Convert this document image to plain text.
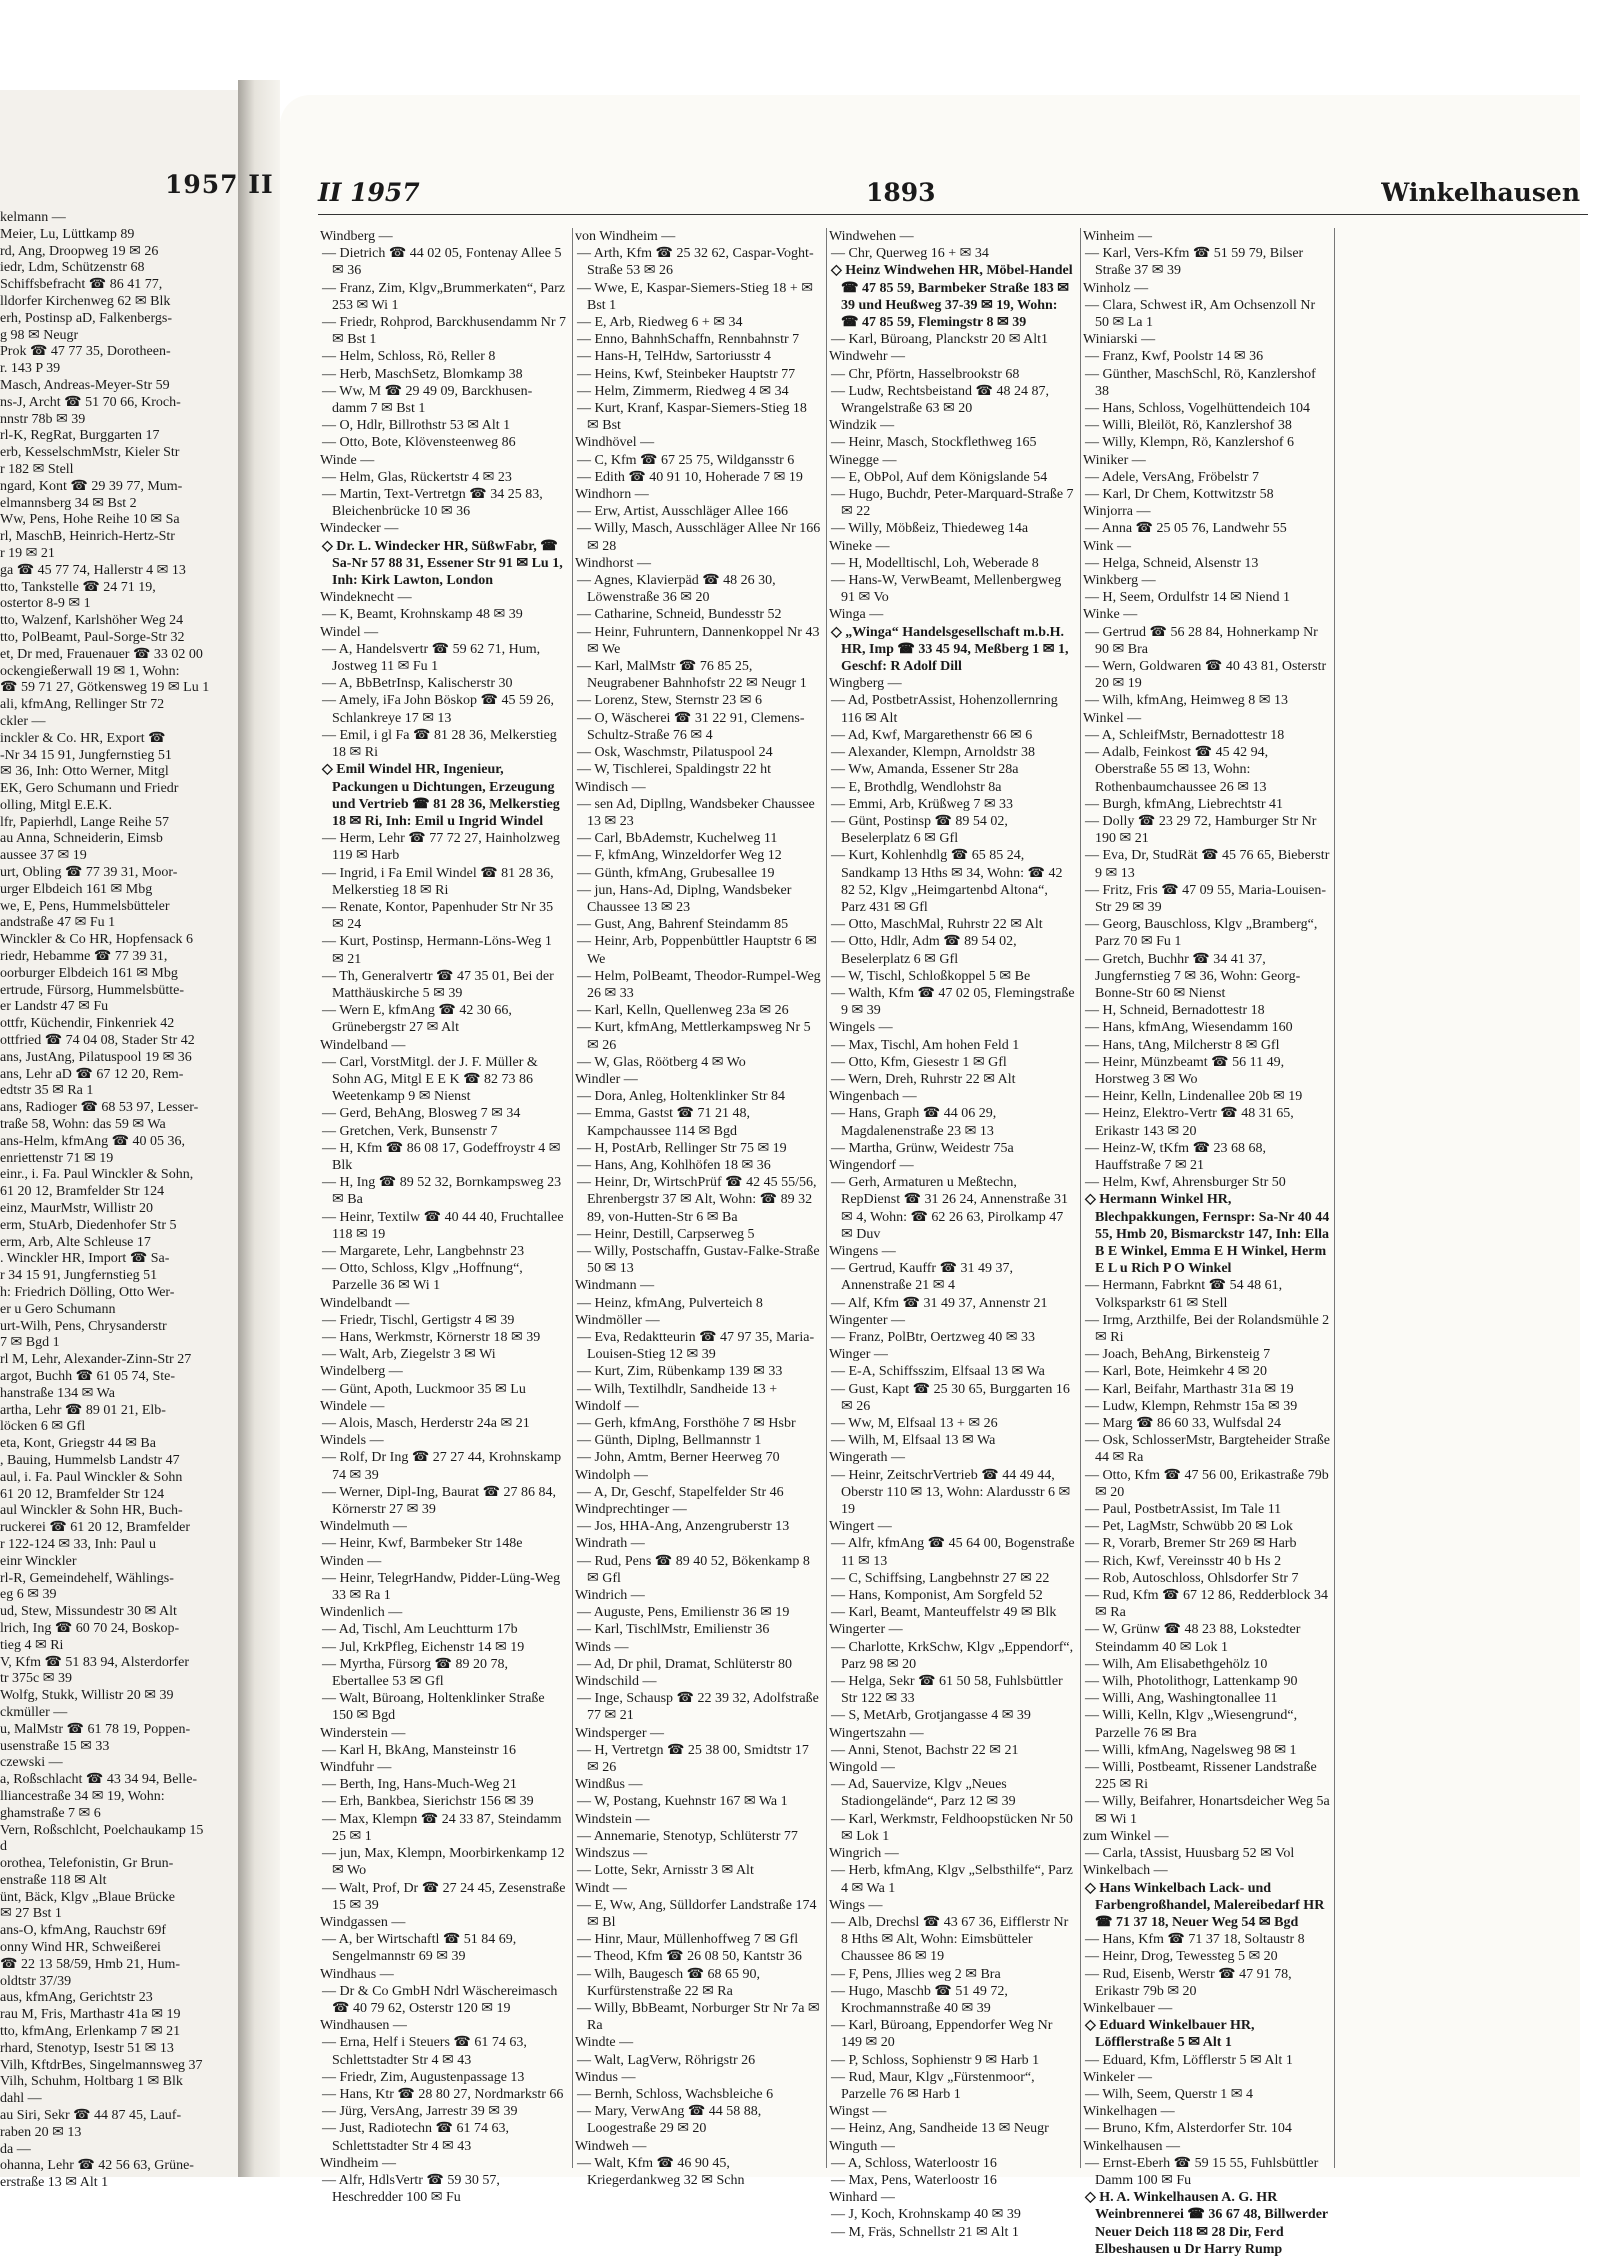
1957 II
kelmann —
Meier, Lu, Lüttkamp 89
rd, Ang, Droopweg 19 ✉ 26
iedr, Ldm, Schützenstr 68
Schiffsbefracht ☎ 86 41 77,
lldorfer Kirchenweg 62 ✉ Blk
erh, Postinsp aD, Falkenbergs-
g 98 ✉ Neugr
Prok ☎ 47 77 35, Dorotheen-
r. 143 P 39
Masch, Andreas-Meyer-Str 59
ns-J, Archt ☎ 51 70 66, Kroch-
nnstr 78b ✉ 39
rl-K, RegRat, Burggarten 17
erb, KesselschmMstr, Kieler Str
r 182 ✉ Stell
ngard, Kont ☎ 29 39 77, Mum-
elmannsberg 34 ✉ Bst 2
Ww, Pens, Hohe Reihe 10 ✉ Sa
rl, MaschB, Heinrich-Hertz-Str
r 19 ✉ 21
ga ☎ 45 77 74, Hallerstr 4 ✉ 13
tto, Tankstelle ☎ 24 71 19,
ostertor 8-9 ✉ 1
tto, Walzenf, Karlshöher Weg 24
tto, PolBeamt, Paul-Sorge-Str 32
et, Dr med, Frauenauer ☎ 33 02 00
ockengießerwall 19 ✉ 1, Wohn:
☎ 59 71 27, Götkensweg 19 ✉ Lu 1
ali, kfmAng, Rellinger Str 72
ckler —
inckler & Co. HR, Export ☎
-Nr 34 15 91, Jungfernstieg 51
✉ 36, Inh: Otto Werner, Mitgl
EK, Gero Schumann und Friedr
olling, Mitgl E.E.K.
lfr, Papierhdl, Lange Reihe 57
au Anna, Schneiderin, Eimsb
aussee 37 ✉ 19
urt, Obling ☎ 77 39 31, Moor-
urger Elbdeich 161 ✉ Mbg
we, E, Pens, Hummelsbütteler
andstraße 47 ✉ Fu 1
Winckler & Co HR, Hopfensack 6
riedr, Hebamme ☎ 77 39 31,
oorburger Elbdeich 161 ✉ Mbg
ertrude, Fürsorg, Hummelsbütte-
er Landstr 47 ✉ Fu
ottfr, Küchendir, Finkenriek 42
ottfried ☎ 74 04 08, Stader Str 42
ans, JustAng, Pilatuspool 19 ✉ 36
ans, Lehr aD ☎ 67 12 20, Rem-
edtstr 35 ✉ Ra 1
ans, Radioger ☎ 68 53 97, Lesser-
traße 58, Wohn: das 59 ✉ Wa
ans-Helm, kfmAng ☎ 40 05 36,
enriettenstr 71 ✉ 19
einr., i. Fa. Paul Winckler & Sohn,
61 20 12, Bramfelder Str 124
einz, MaurMstr, Willistr 20
erm, StuArb, Diedenhofer Str 5
erm, Arb, Alte Schleuse 17
. Winckler HR, Import ☎ Sa-
r 34 15 91, Jungfernstieg 51
h: Friedrich Dölling, Otto Wer-
er u Gero Schumann
urt-Wilh, Pens, Chrysanderstr
7 ✉ Bgd 1
rl M, Lehr, Alexander-Zinn-Str 27
argot, Buchh ☎ 61 05 74, Ste-
hanstraße 134 ✉ Wa
artha, Lehr ☎ 89 01 21, Elb-
löcken 6 ✉ Gfl
eta, Kont, Griegstr 44 ✉ Ba
, Bauing, Hummelsb Landstr 47
aul, i. Fa. Paul Winckler & Sohn
61 20 12, Bramfelder Str 124
aul Winckler & Sohn HR, Buch-
ruckerei ☎ 61 20 12, Bramfelder
r 122-124 ✉ 33, Inh: Paul u
einr Winckler
rl-R, Gemeindehelf, Wählings-
eg 6 ✉ 39
ud, Stew, Missundestr 30 ✉ Alt
lrich, Ing ☎ 60 70 24, Boskop-
tieg 4 ✉ Ri
V, Kfm ☎ 51 83 94, Alsterdorfer
tr 375c ✉ 39
Wolfg, Stukk, Willistr 20 ✉ 39
ckmüller —
u, MalMstr ☎ 61 78 19, Poppen-
usenstraße 15 ✉ 33
czewski —
a, Roßschlacht ☎ 43 34 94, Belle-
lliancestraße 34 ✉ 19, Wohn:
ghamstraße 7 ✉ 6
Vern, Roßschlcht, Poelchaukamp 15
d
orothea, Telefonistin, Gr Brun-
enstraße 118 ✉ Alt
ünt, Bäck, Klgv „Blaue Brücke
✉ 27 Bst 1
ans-O, kfmAng, Rauchstr 69f
onny Wind HR, Schweißerei
☎ 22 13 58/59, Hmb 21, Hum-
oldtstr 37/39
aus, kfmAng, Gerichtstr 23
rau M, Fris, Marthastr 41a ✉ 19
tto, kfmAng, Erlenkamp 7 ✉ 21
rhard, Stenotyp, Isestr 51 ✉ 13
Vilh, KftdrBes, Singelmannsweg 37
Vilh, Schuhm, Holtbarg 1 ✉ Blk
dahl —
au Siri, Sekr ☎ 44 87 45, Lauf-
raben 20 ✉ 13
da —
ohanna, Lehr ☎ 42 56 63, Grüne-
erstraße 13 ✉ Alt 1
II 1957	1893	Winkelhausen
Windberg —
— Dietrich ☎ 44 02 05, Fontenay Allee 5 ✉ 36
— Franz, Zim, Klgv„Brummerkaten“, Parz 253 ✉ Wi 1
— Friedr, Rohprod, Barckhusendamm Nr 7 ✉ Bst 1
— Helm, Schloss, Rö, Reller 8
— Herb, MaschSetz, Blomkamp 38
— Ww, M ☎ 29 49 09, Barckhusen-damm 7 ✉ Bst 1
— O, Hdlr, Billrothstr 53 ✉ Alt 1
— Otto, Bote, Klövensteenweg 86
Winde —
— Helm, Glas, Rückertstr 4 ✉ 23
— Martin, Text-Vertretgn ☎ 34 25 83, Bleichenbrücke 10 ✉ 36
Windecker —
◇ Dr. L. Windecker HR, SüßwFabr, ☎ Sa-Nr 57 88 31, Essener Str 91 ✉ Lu 1, Inh: Kirk Lawton, London
Windeknecht —
— K, Beamt, Krohnskamp 48 ✉ 39
Windel —
— A, Handelsvertr ☎ 59 62 71, Hum, Jostweg 11 ✉ Fu 1
— A, BbBetrInsp, Kalischerstr 30
— Amely, iFa John Böskop ☎ 45 59 26, Schlankreye 17 ✉ 13
— Emil, i gl Fa ☎ 81 28 36, Melkerstieg 18 ✉ Ri
◇ Emil Windel HR, Ingenieur, Packungen u Dichtungen, Erzeugung und Vertrieb ☎ 81 28 36, Melkerstieg 18 ✉ Ri, Inh: Emil u Ingrid Windel
— Herm, Lehr ☎ 77 72 27, Hainholzweg 119 ✉ Harb
— Ingrid, i Fa Emil Windel ☎ 81 28 36, Melkerstieg 18 ✉ Ri
— Renate, Kontor, Papenhuder Str Nr 35 ✉ 24
— Kurt, Postinsp, Hermann-Löns-Weg 1 ✉ 21
— Th, Generalvertr ☎ 47 35 01, Bei der Matthäuskirche 5 ✉ 39
— Wern E, kfmAng ☎ 42 30 66, Grünebergstr 27 ✉ Alt
Windelband —
— Carl, VorstMitgl. der J. F. Müller & Sohn AG, Mitgl E E K ☎ 82 73 86 Weetenkamp 9 ✉ Nienst
— Gerd, BehAng, Blosweg 7 ✉ 34
— Gretchen, Verk, Bunsenstr 7
— H, Kfm ☎ 86 08 17, Godeffroystr 4 ✉ Blk
— H, Ing ☎ 89 52 32, Bornkampsweg 23 ✉ Ba
— Heinr, Textilw ☎ 40 44 40, Fruchtallee 118 ✉ 19
— Margarete, Lehr, Langbehnstr 23
— Otto, Schloss, Klgv „Hoffnung“, Parzelle 36 ✉ Wi 1
Windelbandt —
— Friedr, Tischl, Gertigstr 4 ✉ 39
— Hans, Werkmstr, Körnerstr 18 ✉ 39
— Walt, Arb, Ziegelstr 3 ✉ Wi
Windelberg —
— Günt, Apoth, Luckmoor 35 ✉ Lu
Windele —
— Alois, Masch, Herderstr 24a ✉ 21
Windels —
— Rolf, Dr Ing ☎ 27 27 44, Krohnskamp 74 ✉ 39
— Werner, Dipl-Ing, Baurat ☎ 27 86 84, Körnerstr 27 ✉ 39
Windelmuth —
— Heinr, Kwf, Barmbeker Str 148e
Winden —
— Heinr, TelegrHandw, Pidder-Lüng-Weg 33 ✉ Ra 1
Windenlich —
— Ad, Tischl, Am Leuchtturm 17b
— Jul, KrkPfleg, Eichenstr 14 ✉ 19
— Myrtha, Fürsorg ☎ 89 20 78, Ebertallee 53 ✉ Gfl
— Walt, Büroang, Holtenklinker Straße 150 ✉ Bgd
Winderstein —
— Karl H, BkAng, Mansteinstr 16
Windfuhr —
— Berth, Ing, Hans-Much-Weg 21
— Erh, Bankbea, Sierichstr 156 ✉ 39
— Max, Klempn ☎ 24 33 87, Steindamm 25 ✉ 1
— jun, Max, Klempn, Moorbirkenkamp 12 ✉ Wo
— Walt, Prof, Dr ☎ 27 24 45, Zesenstraße 15 ✉ 39
Windgassen —
— A, ber Wirtschaftl ☎ 51 84 69, Sengelmannstr 69 ✉ 39
Windhaus —
— Dr & Co GmbH Ndrl Wäschereimasch ☎ 40 79 62, Osterstr 120 ✉ 19
Windhausen —
— Erna, Helf i Steuers ☎ 61 74 63, Schlettstadter Str 4 ✉ 43
— Friedr, Zim, Augustenpassage 13
— Hans, Ktr ☎ 28 80 27, Nordmarkstr 66
— Jürg, VersAng, Jarrestr 39 ✉ 39
— Just, Radiotechn ☎ 61 74 63, Schlettstadter Str 4 ✉ 43
Windheim —
— Alfr, HdlsVertr ☎ 59 30 57, Heschredder 100 ✉ Fu
von Windheim —
— Arth, Kfm ☎ 25 32 62, Caspar-Voght-Straße 53 ✉ 26
— Wwe, E, Kaspar-Siemers-Stieg 18 + ✉ Bst 1
— E, Arb, Riedweg 6 + ✉ 34
— Enno, BahnhSchaffn, Rennbahnstr 7
— Hans-H, TelHdw, Sartoriusstr 4
— Heins, Kwf, Steinbeker Hauptstr 77
— Helm, Zimmerm, Riedweg 4 ✉ 34
— Kurt, Kranf, Kaspar-Siemers-Stieg 18 ✉ Bst
Windhövel —
— C, Kfm ☎ 67 25 75, Wildgansstr 6
— Edith ☎ 40 91 10, Hoherade 7 ✉ 19
Windhorn —
— Erw, Artist, Ausschläger Allee 166
— Willy, Masch, Ausschläger Allee Nr 166 ✉ 28
Windhorst —
— Agnes, Klavierpäd ☎ 48 26 30, Löwenstraße 36 ✉ 20
— Catharine, Schneid, Bundesstr 52
— Heinr, Fuhruntern, Dannenkoppel Nr 43 ✉ We
— Karl, MalMstr ☎ 76 85 25, Neugrabener Bahnhofstr 22 ✉ Neugr 1
— Lorenz, Stew, Sternstr 23 ✉ 6
— O, Wäscherei ☎ 31 22 91, Clemens-Schultz-Straße 76 ✉ 4
— Osk, Waschmstr, Pilatuspool 24
— W, Tischlerei, Spaldingstr 22 ht
Windisch —
— sen Ad, Dipllng, Wandsbeker Chaussee 13 ✉ 23
— Carl, BbAdemstr, Kuchelweg 11
— F, kfmAng, Winzeldorfer Weg 12
— Günth, kfmAng, Grubesallee 19
— jun, Hans-Ad, Diplng, Wandsbeker Chaussee 13 ✉ 23
— Gust, Ang, Bahrenf Steindamm 85
— Heinr, Arb, Poppenbüttler Hauptstr 6 ✉ We
— Helm, PolBeamt, Theodor-Rumpel-Weg 26 ✉ 33
— Karl, Kelln, Quellenweg 23a ✉ 26
— Kurt, kfmAng, Mettlerkampsweg Nr 5 ✉ 26
— W, Glas, Röötberg 4 ✉ Wo
Windler —
— Dora, Anleg, Holtenklinker Str 84
— Emma, Gastst ☎ 71 21 48, Kampchaussee 114 ✉ Bgd
— H, PostArb, Rellinger Str 75 ✉ 19
— Hans, Ang, Kohlhöfen 18 ✉ 36
— Heinr, Dr, WirtschPrüf ☎ 42 45 55/56, Ehrenbergstr 37 ✉ Alt, Wohn: ☎ 89 32 89, von-Hutten-Str 6 ✉ Ba
— Heinr, Destill, Carpserweg 5
— Willy, Postschaffn, Gustav-Falke-Straße 50 ✉ 13
Windmann —
— Heinz, kfmAng, Pulverteich 8
Windmöller —
— Eva, Redaktteurin ☎ 47 97 35, Maria-Louisen-Stieg 12 ✉ 39
— Kurt, Zim, Rübenkamp 139 ✉ 33
— Wilh, Textilhdlr, Sandheide 13 +
Windolf —
— Gerh, kfmAng, Forsthöhe 7 ✉ Hsbr
— Günth, Diplng, Bellmannstr 1
— John, Amtm, Berner Heerweg 70
Windolph —
— A, Dr, Geschf, Stapelfelder Str 46
Windprechtinger —
— Jos, HHA-Ang, Anzengruberstr 13
Windrath —
— Rud, Pens ☎ 89 40 52, Bökenkamp 8 ✉ Gfl
Windrich —
— Auguste, Pens, Emilienstr 36 ✉ 19
— Karl, TischlMstr, Emilienstr 36
Winds —
— Ad, Dr phil, Dramat, Schlüterstr 80
Windschild —
— Inge, Schausp ☎ 22 39 32, Adolfstraße 77 ✉ 21
Windsperger —
— H, Vertretgn ☎ 25 38 00, Smidtstr 17 ✉ 26
Windßus —
— W, Postang, Kuehnstr 167 ✉ Wa 1
Windstein —
— Annemarie, Stenotyp, Schlüterstr 77
Windszus —
— Lotte, Sekr, Arnisstr 3 ✉ Alt
Windt —
— E, Ww, Ang, Sülldorfer Landstraße 174 ✉ Bl
— Hinr, Maur, Müllenhoffweg 7 ✉ Gfl
— Theod, Kfm ☎ 26 08 50, Kantstr 36
— Wilh, Baugesch ☎ 68 65 90, Kurfürstenstraße 22 ✉ Ra
— Willy, BbBeamt, Norburger Str Nr 7a ✉ Ra
Windte —
— Walt, LagVerw, Röhrigstr 26
Windus —
— Bernh, Schloss, Wachsbleiche 6
— Mary, VerwAng ☎ 44 58 88, Loogestraße 29 ✉ 20
Windweh —
— Walt, Kfm ☎ 46 90 45, Kriegerdankweg 32 ✉ Schn
Windwehen —
— Chr, Querweg 16 + ✉ 34
◇ Heinz Windwehen HR, Möbel-Handel ☎ 47 85 59, Barmbeker Straße 183 ✉ 39 und Heußweg 37-39 ✉ 19, Wohn: ☎ 47 85 59, Flemingstr 8 ✉ 39
— Karl, Büroang, Planckstr 20 ✉ Alt1
Windwehr —
— Chr, Pförtn, Hasselbrookstr 68
— Ludw, Rechtsbeistand ☎ 48 24 87, Wrangelstraße 63 ✉ 20
Windzik —
— Heinr, Masch, Stockflethweg 165
Winegge —
— E, ObPol, Auf dem Königslande 54
— Hugo, Buchdr, Peter-Marquard-Straße 7 ✉ 22
— Willy, Möbßeiz, Thiedeweg 14a
Wineke —
— H, Modelltischl, Loh, Weberade 8
— Hans-W, VerwBeamt, Mellenbergweg 91 ✉ Vo
Winga —
◇ „Winga“ Handelsgesellschaft m.b.H. HR, Imp ☎ 33 45 94, Meßberg 1 ✉ 1, Geschf: R Adolf Dill
Wingberg —
— Ad, PostbetrAssist, Hohenzollernring 116 ✉ Alt
— Ad, Kwf, Margarethenstr 66 ✉ 6
— Alexander, Klempn, Arnoldstr 38
— Ww, Amanda, Essener Str 28a
— E, Brothdlg, Wendlohstr 8a
— Emmi, Arb, Krüßweg 7 ✉ 33
— Günt, Postinsp ☎ 89 54 02, Beselerplatz 6 ✉ Gfl
— Kurt, Kohlenhdlg ☎ 65 85 24, Sandkamp 13 Hths ✉ 34, Wohn: ☎ 42 82 52, Klgv „Heimgartenbd Altona“, Parz 431 ✉ Gfl
— Otto, MaschMal, Ruhrstr 22 ✉ Alt
— Otto, Hdlr, Adm ☎ 89 54 02, Beselerplatz 6 ✉ Gfl
— W, Tischl, Schloßkoppel 5 ✉ Be
— Walth, Kfm ☎ 47 02 05, Flemingstraße 9 ✉ 39
Wingels —
— Max, Tischl, Am hohen Feld 1
— Otto, Kfm, Giesestr 1 ✉ Gfl
— Wern, Dreh, Ruhrstr 22 ✉ Alt
Wingenbach —
— Hans, Graph ☎ 44 06 29, Magdalenenstraße 23 ✉ 13
— Martha, Grünw, Weidestr 75a
Wingendorf —
— Gerh, Armaturen u Meßtechn, RepDienst ☎ 31 26 24, Annenstraße 31 ✉ 4, Wohn: ☎ 62 26 63, Pirolkamp 47 ✉ Duv
Wingens —
— Gertrud, Kauffr ☎ 31 49 37, Annenstraße 21 ✉ 4
— Alf, Kfm ☎ 31 49 37, Annenstr 21
Wingenter —
— Franz, PolBtr, Oertzweg 40 ✉ 33
Winger —
— E-A, Schiffsszim, Elfsaal 13 ✉ Wa
— Gust, Kapt ☎ 25 30 65, Burggarten 16 ✉ 26
— Ww, M, Elfsaal 13 + ✉ 26
— Wilh, M, Elfsaal 13 ✉ Wa
Wingerath —
— Heinr, ZeitschrVertrieb ☎ 44 49 44, Oberstr 110 ✉ 13, Wohn: Alardusstr 6 ✉ 19
Wingert —
— Alfr, kfmAng ☎ 45 64 00, Bogenstraße 11 ✉ 13
— C, Schiffsing, Langbehnstr 27 ✉ 22
— Hans, Komponist, Am Sorgfeld 52
— Karl, Beamt, Manteuffelstr 49 ✉ Blk
Wingerter —
— Charlotte, KrkSchw, Klgv „Eppendorf“, Parz 98 ✉ 20
— Helga, Sekr ☎ 61 50 58, Fuhlsbüttler Str 122 ✉ 33
— S, MetArb, Grotjangasse 4 ✉ 39
Wingertszahn —
— Anni, Stenot, Bachstr 22 ✉ 21
Wingold —
— Ad, Sauervize, Klgv „Neues Stadiongelände“, Parz 12 ✉ 39
— Karl, Werkmstr, Feldhoopstücken Nr 50 ✉ Lok 1
Wingrich —
— Herb, kfmAng, Klgv „Selbsthilfe“, Parz 4 ✉ Wa 1
Wings —
— Alb, Drechsl ☎ 43 67 36, Eifflerstr Nr 8 Hths ✉ Alt, Wohn: Eimsbütteler Chaussee 86 ✉ 19
— F, Pens, Jllies weg 2 ✉ Bra
— Hugo, Maschb ☎ 51 49 72, Krochmannstraße 40 ✉ 39
— Karl, Büroang, Eppendorfer Weg Nr 149 ✉ 20
— P, Schloss, Sophienstr 9 ✉ Harb 1
— Rud, Maur, Klgv „Fürstenmoor“, Parzelle 76 ✉ Harb 1
Wingst —
— Heinz, Ang, Sandheide 13 ✉ Neugr
Winguth —
— A, Schloss, Waterloostr 16
— Max, Pens, Waterloostr 16
Winhard —
— J, Koch, Krohnskamp 40 ✉ 39
— M, Fräs, Schnellstr 21 ✉ Alt 1
Winheim —
— Karl, Vers-Kfm ☎ 51 59 79, Bilser Straße 37 ✉ 39
Winholz —
— Clara, Schwest iR, Am Ochsenzoll Nr 50 ✉ La 1
Winiarski —
— Franz, Kwf, Poolstr 14 ✉ 36
— Günther, MaschSchl, Rö, Kanzlershof 38
— Hans, Schloss, Vogelhüttendeich 104
— Willi, Bleilöt, Rö, Kanzlershof 38
— Willy, Klempn, Rö, Kanzlershof 6
Winiker —
— Adele, VersAng, Fröbelstr 7
— Karl, Dr Chem, Kottwitzstr 58
Winjorra —
— Anna ☎ 25 05 76, Landwehr 55
Wink —
— Helga, Schneid, Alsenstr 13
Winkberg —
— H, Seem, Ordulfstr 14 ✉ Niend 1
Winke —
— Gertrud ☎ 56 28 84, Hohnerkamp Nr 90 ✉ Bra
— Wern, Goldwaren ☎ 40 43 81, Osterstr 20 ✉ 19
— Wilh, kfmAng, Heimweg 8 ✉ 13
Winkel —
— A, SchleifMstr, Bernadottestr 18
— Adalb, Feinkost ☎ 45 42 94, Oberstraße 55 ✉ 13, Wohn: Rothenbaumchaussee 26 ✉ 13
— Burgh, kfmAng, Liebrechtstr 41
— Dolly ☎ 23 29 72, Hamburger Str Nr 190 ✉ 21
— Eva, Dr, StudRät ☎ 45 76 65, Bieberstr 9 ✉ 13
— Fritz, Fris ☎ 47 09 55, Maria-Louisen-Str 29 ✉ 39
— Georg, Bauschloss, Klgv „Bramberg“, Parz 70 ✉ Fu 1
— Gretch, Buchhr ☎ 34 41 37, Jungfernstieg 7 ✉ 36, Wohn: Georg-Bonne-Str 60 ✉ Nienst
— H, Schneid, Bernadottestr 18
— Hans, kfmAng, Wiesendamm 160
— Hans, tAng, Milcherstr 8 ✉ Gfl
— Heinr, Münzbeamt ☎ 56 11 49, Horstweg 3 ✉ Wo
— Heinr, Kelln, Lindenallee 20b ✉ 19
— Heinz, Elektro-Vertr ☎ 48 31 65, Erikastr 143 ✉ 20
— Heinz-W, tKfm ☎ 23 68 68, Hauffstraße 7 ✉ 21
— Helm, Kwf, Ahrensburger Str 50
◇ Hermann Winkel HR, Blechpakkungen, Fernspr: Sa-Nr 40 44 55, Hmb 20, Bismarckstr 147, Inh: Ella B E Winkel, Emma E H Winkel, Herm E L u Rich P O Winkel
— Hermann, Fabrknt ☎ 54 48 61, Volksparkstr 61 ✉ Stell
— Irmg, Arzthilfe, Bei der Rolandsmühle 2 ✉ Ri
— Joach, BehAng, Birkensteig 7
— Karl, Bote, Heimkehr 4 ✉ 20
— Karl, Beifahr, Marthastr 31a ✉ 19
— Ludw, Klempn, Rehmstr 15a ✉ 39
— Marg ☎ 86 60 33, Wulfsdal 24
— Osk, SchlosserMstr, Bargteheider Straße 44 ✉ Ra
— Otto, Kfm ☎ 47 56 00, Erikastraße 79b ✉ 20
— Paul, PostbetrAssist, Im Tale 11
— Pet, LagMstr, Schwübb 20 ✉ Lok
— R, Vorarb, Bremer Str 269 ✉ Harb
— Rich, Kwf, Vereinsstr 40 b Hs 2
— Rob, Autoschloss, Ohlsdorfer Str 7
— Rud, Kfm ☎ 67 12 86, Redderblock 34 ✉ Ra
— W, Grünw ☎ 48 23 88, Lokstedter Steindamm 40 ✉ Lok 1
— Wilh, Am Elisabethgehölz 10
— Wilh, Photolithogr, Lattenkamp 90
— Willi, Ang, Washingtonallee 11
— Willi, Kelln, Klgv „Wiesengrund“, Parzelle 76 ✉ Bra
— Willi, kfmAng, Nagelsweg 98 ✉ 1
— Willi, Postbeamt, Rissener Landstraße 225 ✉ Ri
— Willy, Beifahrer, Honartsdeicher Weg 5a ✉ Wi 1
zum Winkel —
— Carla, tAssist, Huusbarg 52 ✉ Vol
Winkelbach —
◇ Hans Winkelbach Lack- und Farbengroßhandel, Malereibedarf HR ☎ 71 37 18, Neuer Weg 54 ✉ Bgd
— Hans, Kfm ☎ 71 37 18, Soltaustr 8
— Heinr, Drog, Tewessteg 5 ✉ 20
— Rud, Eisenb, Werstr ☎ 47 91 78, Erikastr 79b ✉ 20
Winkelbauer —
◇ Eduard Winkelbauer HR, Löfflerstraße 5 ✉ Alt 1
— Eduard, Kfm, Löfflerstr 5 ✉ Alt 1
Winkeler —
— Wilh, Seem, Querstr 1 ✉ 4
Winkelhagen —
— Bruno, Kfm, Alsterdorfer Str. 104
Winkelhausen —
— Ernst-Eberh ☎ 59 15 55, Fuhlsbüttler Damm 100 ✉ Fu
◇ H. A. Winkelhausen A. G. HR Weinbrennerei ☎ 36 67 48, Billwerder Neuer Deich 118 ✉ 28 Dir, Ferd Elbeshausen u Dr Harry Rump
